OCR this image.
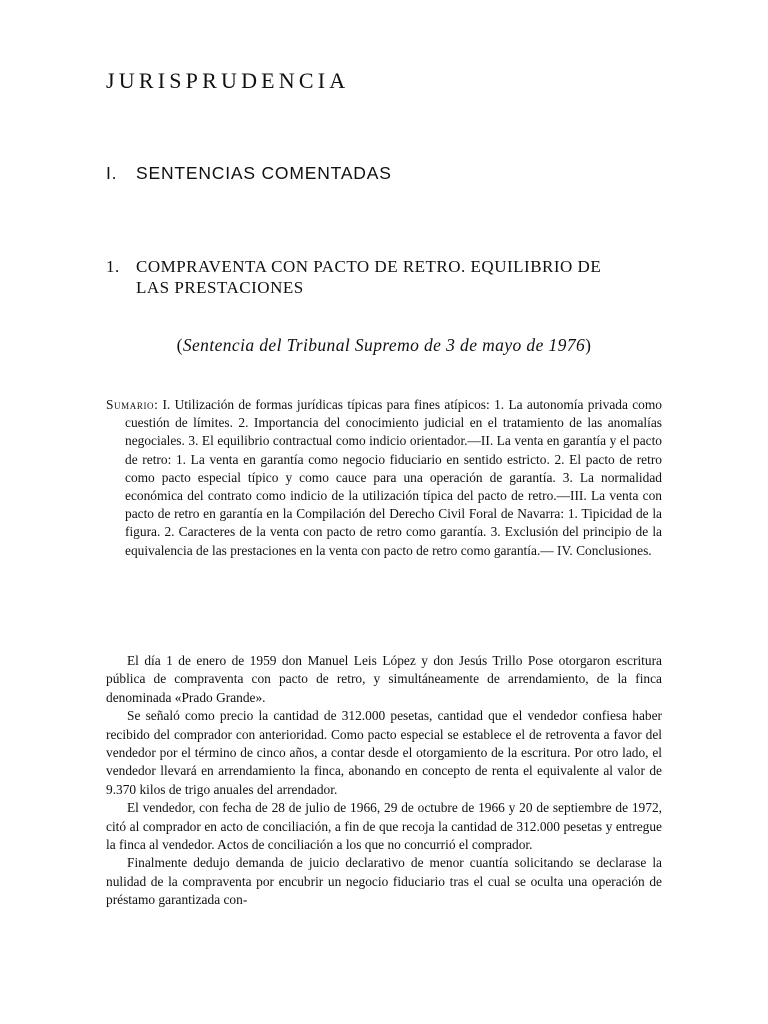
JURISPRUDENCIA
I. SENTENCIAS COMENTADAS
1. COMPRAVENTA CON PACTO DE RETRO. EQUILIBRIO DE
LAS PRESTACIONES
(Sentencia del Tribunal Supremo de 3 de mayo de 1976)
Sumario: I. Utilización de formas jurídicas típicas para fines atípicos: 1. La autonomía privada como cuestión de límites. 2. Importancia del conocimiento judicial en el tratamiento de las anomalías negociales. 3. El equilibrio contractual como indicio orientador.—II. La venta en garantía y el pacto de retro: 1. La venta en garantía como negocio fiduciario en sentido estricto. 2. El pacto de retro como pacto especial típico y como cauce para una operación de garantía. 3. La normalidad económica del contrato como indicio de la utilización típica del pacto de retro.—III. La venta con pacto de retro en garantía en la Compilación del Derecho Civil Foral de Navarra: 1. Tipicidad de la figura. 2. Caracteres de la venta con pacto de retro como garantía. 3. Exclusión del principio de la equivalencia de las prestaciones en la venta con pacto de retro como garantía.— IV. Conclusiones.

El día 1 de enero de 1959 don Manuel Leis López y don Jesús Trillo Pose otorgaron escritura pública de compraventa con pacto de retro, y simultáneamente de arrendamiento, de la finca denominada «Prado Grande».

Se señaló como precio la cantidad de 312.000 pesetas, cantidad que el vendedor confiesa haber recibido del comprador con anterioridad. Como pacto especial se establece el de retroventa a favor del vendedor por el término de cinco años, a contar desde el otorgamiento de la escritura. Por otro lado, el vendedor llevará en arrendamiento la finca, abonando en concepto de renta el equivalente al valor de 9.370 kilos de trigo anuales del arrendador.

El vendedor, con fecha de 28 de julio de 1966, 29 de octubre de 1966 y 20 de septiembre de 1972, citó al comprador en acto de conciliación, a fin de que recoja la cantidad de 312.000 pesetas y entregue la finca al vendedor. Actos de conciliación a los que no concurrió el comprador.

Finalmente dedujo demanda de juicio declarativo de menor cuantía solicitando se declarase la nulidad de la compraventa por encubrir un negocio fiduciario tras el cual se oculta una operación de préstamo garantizada con-
